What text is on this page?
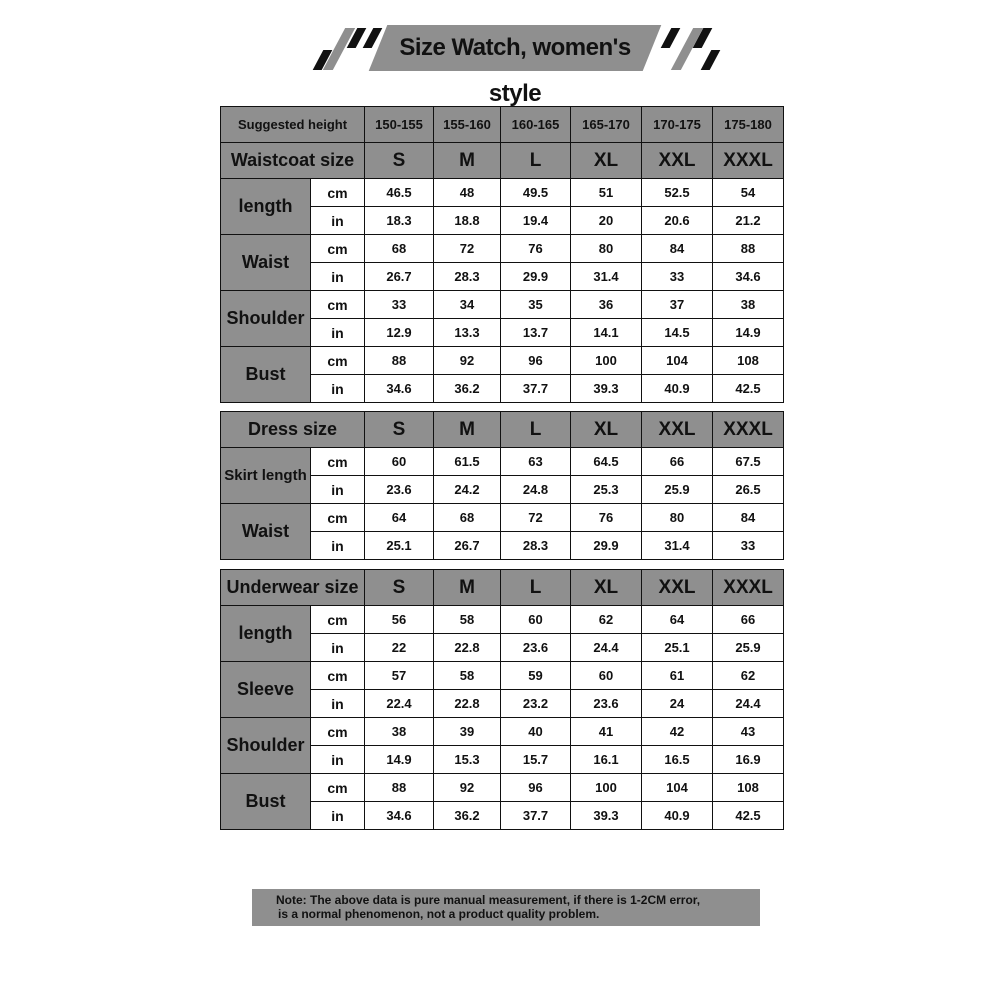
Size Watch, women's style
Suggested height		150-155	155-160	160-165	165-170	170-175	175-180
Waistcoat size		S	M	L	XL	XXL	XXXL
length	cm	46.5	48	49.5	51	52.5	54
	in	18.3	18.8	19.4	20	20.6	21.2
Waist	cm	68	72	76	80	84	88
	in	26.7	28.3	29.9	31.4	33	34.6
Shoulder	cm	33	34	35	36	37	38
	in	12.9	13.3	13.7	14.1	14.5	14.9
Bust	cm	88	92	96	100	104	108
	in	34.6	36.2	37.7	39.3	40.9	42.5
Dress size		S	M	L	XL	XXL	XXXL
Skirt length	cm	60	61.5	63	64.5	66	67.5
	in	23.6	24.2	24.8	25.3	25.9	26.5
Waist	cm	64	68	72	76	80	84
	in	25.1	26.7	28.3	29.9	31.4	33
Underwear size		S	M	L	XL	XXL	XXXL
length	cm	56	58	60	62	64	66
	in	22	22.8	23.6	24.4	25.1	25.9
Sleeve	cm	57	58	59	60	61	62
	in	22.4	22.8	23.2	23.6	24	24.4
Shoulder	cm	38	39	40	41	42	43
	in	14.9	15.3	15.7	16.1	16.5	16.9
Bust	cm	88	92	96	100	104	108
	in	34.6	36.2	37.7	39.3	40.9	42.5
Note: The above data is pure manual measurement, if there is 1-2CM error,
is a normal phenomenon, not a product quality problem.
